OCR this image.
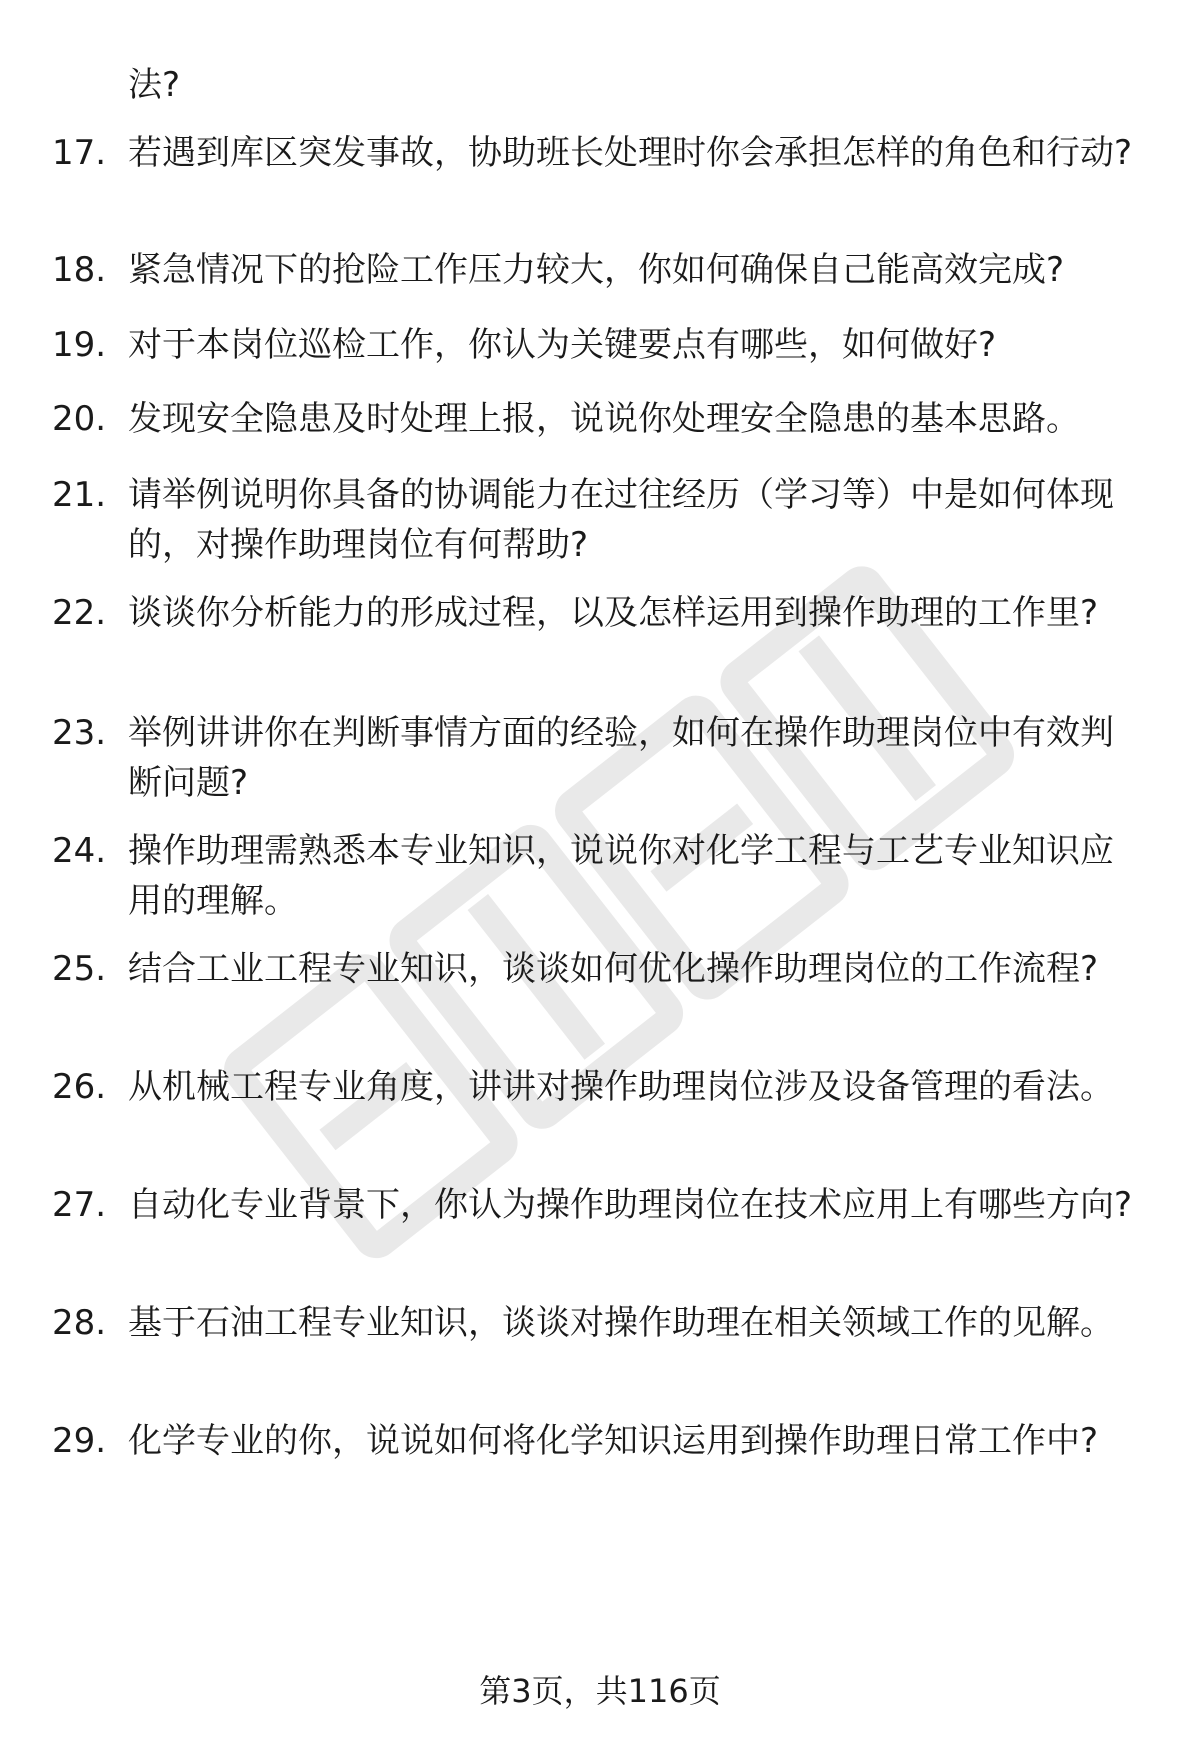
法?
17. 若遇到库区突发事故，协助班长处理时你会承担怎样的角色和行动?
18. 紧急情况下的抢险工作压力较大，你如何确保自己能高效完成?
19. 对于本岗位巡检工作，你认为关键要点有哪些，如何做好?
20. 发现安全隐患及时处理上报，说说你处理安全隐患的基本思路。
21. 请举例说明你具备的协调能力在过往经历（学习等）中是如何体现的，对操作助理岗位有何帮助?
22. 谈谈你分析能力的形成过程，以及怎样运用到操作助理的工作里?
23. 举例讲讲你在判断事情方面的经验，如何在操作助理岗位中有效判断问题?
24. 操作助理需熟悉本专业知识，说说你对化学工程与工艺专业知识应用的理解。
25. 结合工业工程专业知识，谈谈如何优化操作助理岗位的工作流程?
26. 从机械工程专业角度，讲讲对操作助理岗位涉及设备管理的看法。
27. 自动化专业背景下，你认为操作助理岗位在技术应用上有哪些方向?
28. 基于石油工程专业知识，谈谈对操作助理在相关领域工作的见解。
29. 化学专业的你，说说如何将化学知识运用到操作助理日常工作中?
第3页，共116页
